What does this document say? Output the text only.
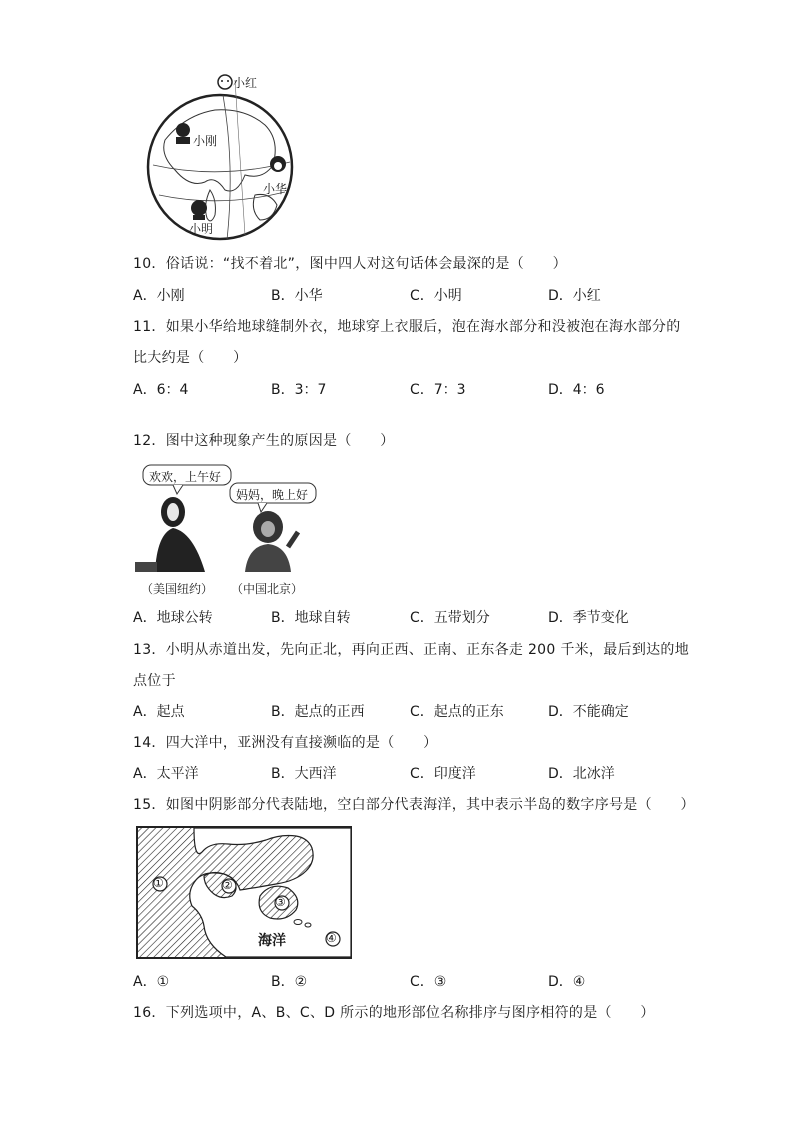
小红
小刚
小华
小明
10．俗话说：“找不着北”，图中四人对这句话体会最深的是（　　）
A．小刚	B．小华	C．小明	D．小红
11．如果小华给地球缝制外衣，地球穿上衣服后，泡在海水部分和没被泡在海水部分的
比大约是（　　）
A．6：4	B．3：7	C．7：3	D．4：6
12．图中这种现象产生的原因是（　　）
欢欢，上午好
妈妈，晚上好
（美国纽约） （中国北京）
A．地球公转	B．地球自转	C．五带划分	D．季节变化
13．小明从赤道出发，先向正北，再向正西、正南、正东各走 200 千米，最后到达的地
点位于
A．起点	B．起点的正西	C．起点的正东	D．不能确定
14．四大洋中，亚洲没有直接濒临的是（　　）
A．太平洋	B．大西洋	C．印度洋	D．北冰洋
15．如图中阴影部分代表陆地，空白部分代表海洋，其中表示半岛的数字序号是（　　）
①	②
③
④
海洋
A．①	B．②	C．③	D．④
16．下列选项中，A、B、C、D 所示的地形部位名称排序与图序相符的是（　　）
